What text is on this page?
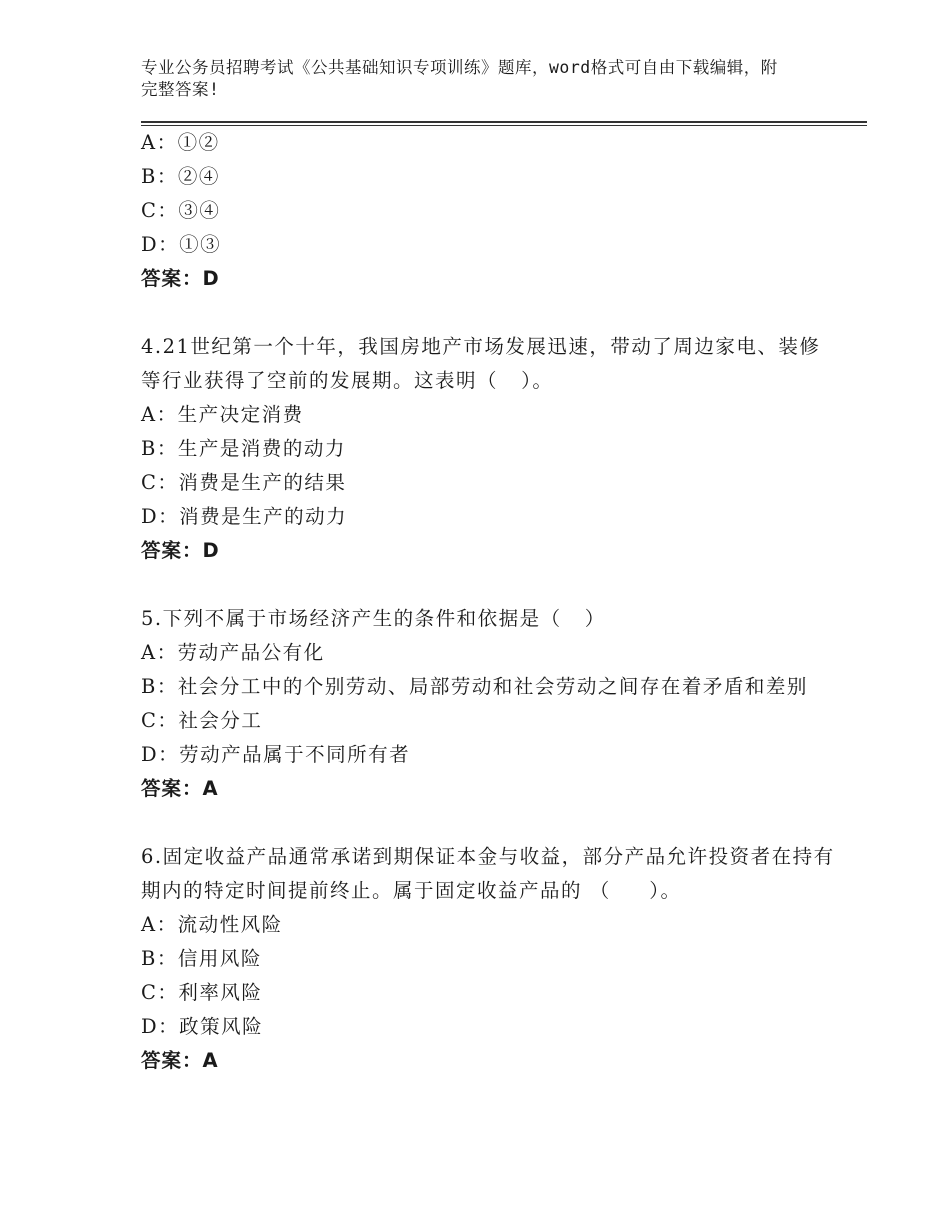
专业公务员招聘考试《公共基础知识专项训练》题库，word格式可自由下载编辑，附完整答案!
A：①②
B：②④
C：③④
D：①③
答案：D
4.21世纪第一个十年，我国房地产市场发展迅速，带动了周边家电、装修等行业获得了空前的发展期。这表明（   ）。
A：生产决定消费
B：生产是消费的动力
C：消费是生产的结果
D：消费是生产的动力
答案：D
5.下列不属于市场经济产生的条件和依据是（   ）
A：劳动产品公有化
B：社会分工中的个别劳动、局部劳动和社会劳动之间存在着矛盾和差别
C：社会分工
D：劳动产品属于不同所有者
答案：A
6.固定收益产品通常承诺到期保证本金与收益，部分产品允许投资者在持有期内的特定时间提前终止。属于固定收益产品的 （     ）。
A：流动性风险
B：信用风险
C：利率风险
D：政策风险
答案：A
